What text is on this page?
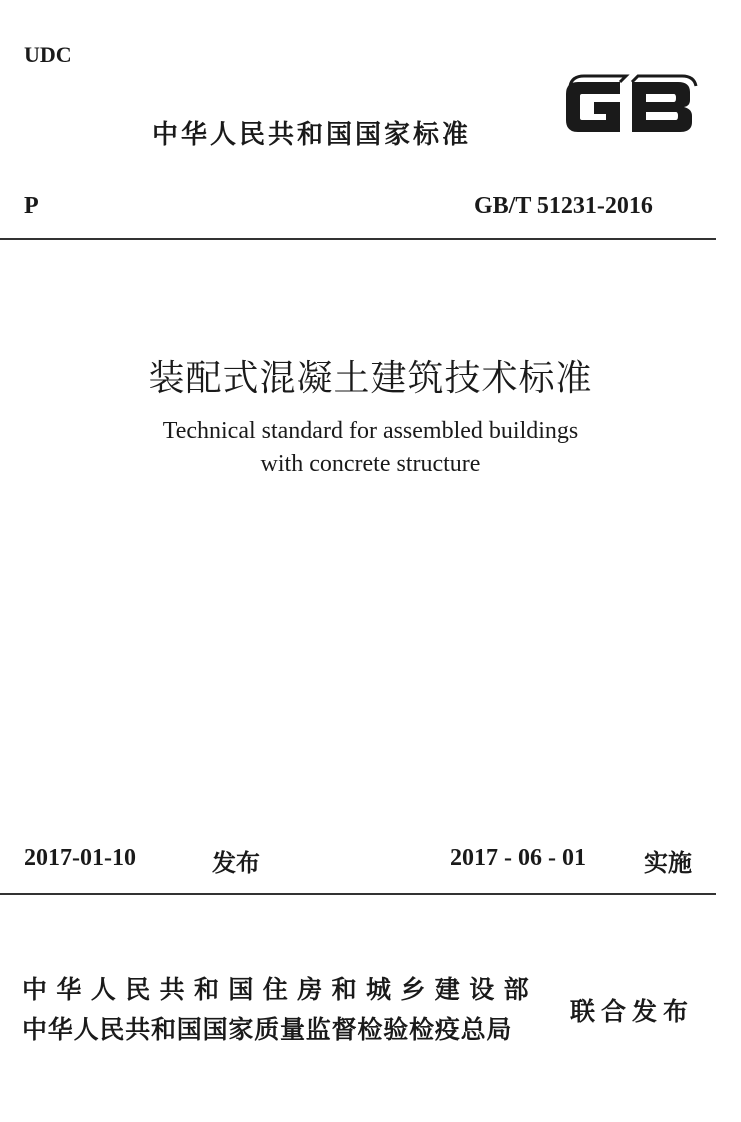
UDC
中华人民共和国国家标准
P	GB/T 51231-2016
装配式混凝土建筑技术标准
Technical standard for assembled buildings
with concrete structure
2017-01-10	发布	2017 - 06 - 01 实施
中华人民共和国住房和城乡建设部
中华人民共和国国家质量监督检验检疫总局
联合发布
